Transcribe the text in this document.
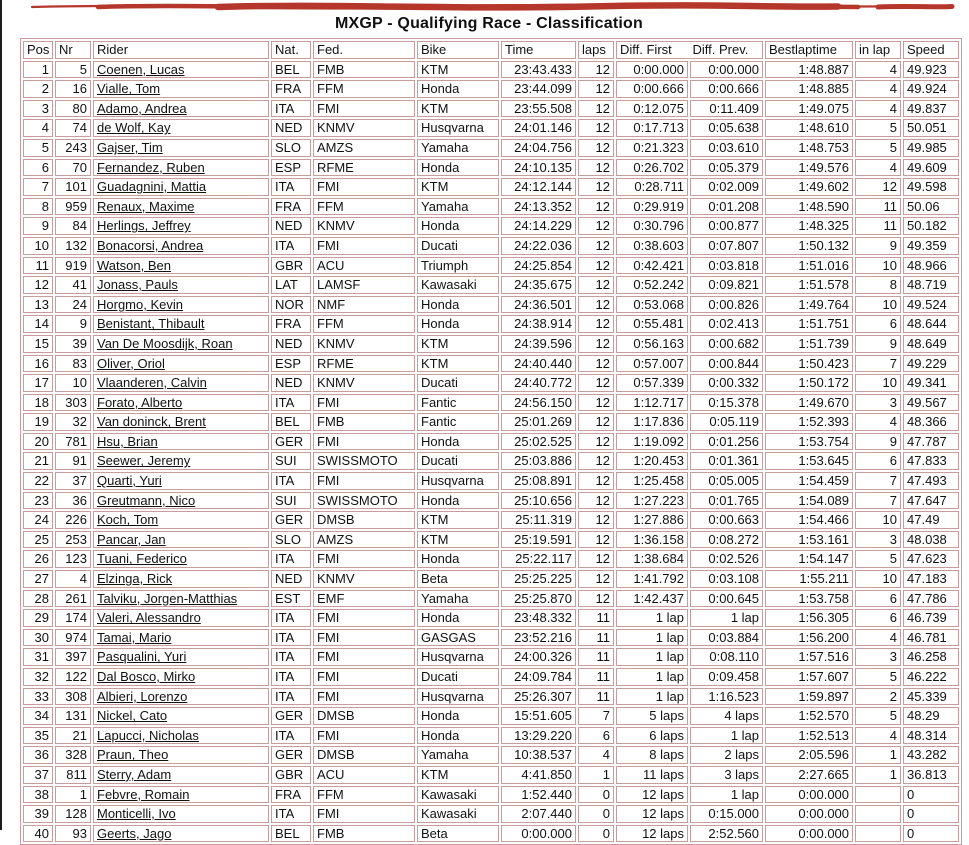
MXGP - Qualifying Race - Classification
Pos	Nr	Rider	Nat.	Fed.	Bike	Time	laps	Diff. First Diff. Prev.		Bestlaptime	in lap	Speed
1	5	Coenen, Lucas	BEL	FMB	KTM	23:43.433	12	0:00.000	0:00.000	1:48.887	4	49.923
2	16	Vialle, Tom	FRA	FFM	Honda	23:44.099	12	0:00.666	0:00.666	1:48.885	4	49.924
3	80	Adamo, Andrea	ITA	FMI	KTM	23:55.508	12	0:12.075	0:11.409	1:49.075	4	49.837
4	74	de Wolf, Kay	NED	KNMV	Husqvarna	24:01.146	12	0:17.713	0:05.638	1:48.610	5	50.051
5	243	Gajser, Tim	SLO	AMZS	Yamaha	24:04.756	12	0:21.323	0:03.610	1:48.753	5	49.985
6	70	Fernandez, Ruben	ESP	RFME	Honda	24:10.135	12	0:26.702	0:05.379	1:49.576	4	49.609
7	101	Guadagnini, Mattia	ITA	FMI	KTM	24:12.144	12	0:28.711	0:02.009	1:49.602	12	49.598
8	959	Renaux, Maxime	FRA	FFM	Yamaha	24:13.352	12	0:29.919	0:01.208	1:48.590	11	50.06
9	84	Herlings, Jeffrey	NED	KNMV	Honda	24:14.229	12	0:30.796	0:00.877	1:48.325	11	50.182
10	132	Bonacorsi, Andrea	ITA	FMI	Ducati	24:22.036	12	0:38.603	0:07.807	1:50.132	9	49.359
11	919	Watson, Ben	GBR	ACU	Triumph	24:25.854	12	0:42.421	0:03.818	1:51.016	10	48.966
12	41	Jonass, Pauls	LAT	LAMSF	Kawasaki	24:35.675	12	0:52.242	0:09.821	1:51.578	8	48.719
13	24	Horgmo, Kevin	NOR	NMF	Honda	24:36.501	12	0:53.068	0:00.826	1:49.764	10	49.524
14	9	Benistant, Thibault	FRA	FFM	Honda	24:38.914	12	0:55.481	0:02.413	1:51.751	6	48.644
15	39	Van De Moosdijk, Roan	NED	KNMV	KTM	24:39.596	12	0:56.163	0:00.682	1:51.739	9	48.649
16	83	Oliver, Oriol	ESP	RFME	KTM	24:40.440	12	0:57.007	0:00.844	1:50.423	7	49.229
17	10	Vlaanderen, Calvin	NED	KNMV	Ducati	24:40.772	12	0:57.339	0:00.332	1:50.172	10	49.341
18	303	Forato, Alberto	ITA	FMI	Fantic	24:56.150	12	1:12.717	0:15.378	1:49.670	3	49.567
19	32	Van doninck, Brent	BEL	FMB	Fantic	25:01.269	12	1:17.836	0:05.119	1:52.393	4	48.366
20	781	Hsu, Brian	GER	FMI	Honda	25:02.525	12	1:19.092	0:01.256	1:53.754	9	47.787
21	91	Seewer, Jeremy	SUI	SWISSMOTO	Ducati	25:03.886	12	1:20.453	0:01.361	1:53.645	6	47.833
22	37	Quarti, Yuri	ITA	FMI	Husqvarna	25:08.891	12	1:25.458	0:05.005	1:54.459	7	47.493
23	36	Greutmann, Nico	SUI	SWISSMOTO	Honda	25:10.656	12	1:27.223	0:01.765	1:54.089	7	47.647
24	226	Koch, Tom	GER	DMSB	KTM	25:11.319	12	1:27.886	0:00.663	1:54.466	10	47.49
25	253	Pancar, Jan	SLO	AMZS	KTM	25:19.591	12	1:36.158	0:08.272	1:53.161	3	48.038
26	123	Tuani, Federico	ITA	FMI	Honda	25:22.117	12	1:38.684	0:02.526	1:54.147	5	47.623
27	4	Elzinga, Rick	NED	KNMV	Beta	25:25.225	12	1:41.792	0:03.108	1:55.211	10	47.183
28	261	Talviku, Jorgen-Matthias	EST	EMF	Yamaha	25:25.870	12	1:42.437	0:00.645	1:53.758	6	47.786
29	174	Valeri, Alessandro	ITA	FMI	Honda	23:48.332	11	1 lap	1 lap	1:56.305	6	46.739
30	974	Tamai, Mario	ITA	FMI	GASGAS	23:52.216	11	1 lap	0:03.884	1:56.200	4	46.781
31	397	Pasqualini, Yuri	ITA	FMI	Husqvarna	24:00.326	11	1 lap	0:08.110	1:57.516	3	46.258
32	122	Dal Bosco, Mirko	ITA	FMI	Ducati	24:09.784	11	1 lap	0:09.458	1:57.607	5	46.222
33	308	Albieri, Lorenzo	ITA	FMI	Husqvarna	25:26.307	11	1 lap	1:16.523	1:59.897	2	45.339
34	131	Nickel, Cato	GER	DMSB	Honda	15:51.605	7	5 laps	4 laps	1:52.570	5	48.29
35	21	Lapucci, Nicholas	ITA	FMI	Honda	13:29.220	6	6 laps	1 lap	1:52.513	4	48.314
36	328	Praun, Theo	GER	DMSB	Yamaha	10:38.537	4	8 laps	2 laps	2:05.596	1	43.282
37	811	Sterry, Adam	GBR	ACU	KTM	4:41.850	1	11 laps	3 laps	2:27.665	1	36.813
38	1	Febvre, Romain	FRA	FFM	Kawasaki	1:52.440	0	12 laps	1 lap	0:00.000		0
39	128	Monticelli, Ivo	ITA	FMI	Kawasaki	2:07.440	0	12 laps	0:15.000	0:00.000		0
40	93	Geerts, Jago	BEL	FMB	Beta	0:00.000	0	12 laps	2:52.560	0:00.000		0
